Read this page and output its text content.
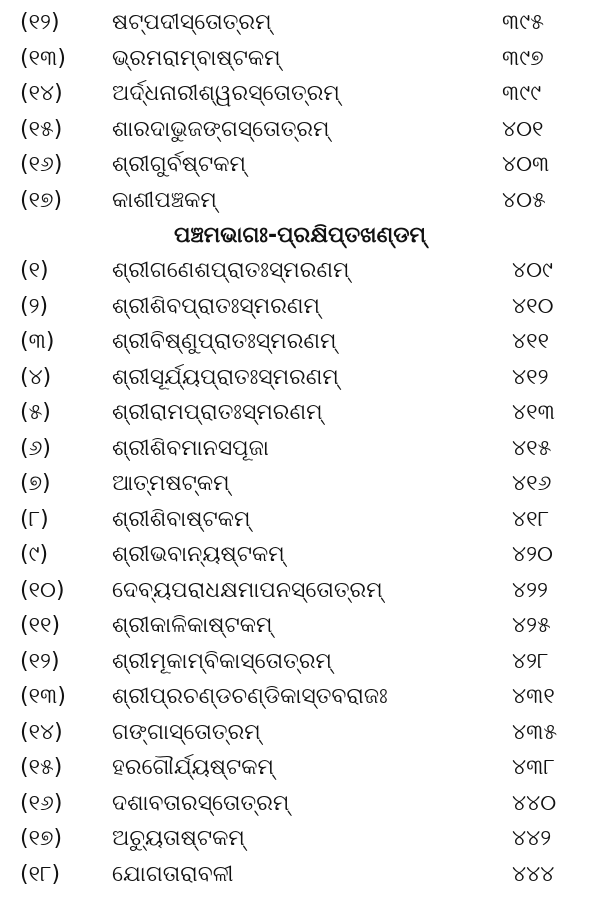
ପଞ୍ଚମଭାଗଃ-ପ୍ରକ୍ଷିପ୍ତଖଣ୍ଡମ୍
(୧୨) ଷଟ୍ପଦୀସ୍ତୋତ୍ରମ୍	୩୯୫
(୧୩) ଭ୍ରମରାମ୍ବାଷ୍ଟକମ୍	୩୯୭
(୧୪) ଅର୍ଦ୍ଧନାରୀଶ୍ୱରସ୍ତୋତ୍ରମ୍	୩୯୯
(୧୫) ଶାରଦାଭୁଜଙ୍ଗସ୍ତୋତ୍ରମ୍	୪୦୧
(୧୬) ଶ୍ରୀଗୁର୍ବଷ୍ଟକମ୍	୪୦୩
(୧୭) କାଶୀପଞ୍ଚକମ୍	୪୦୫
(୧)	ଶ୍ରୀଗଣେଶପ୍ରାତଃସ୍ମରଣମ୍	୪୦୯
(୨)	ଶ୍ରୀଶିବପ୍ରାତଃସ୍ମରଣମ୍	୪୧୦
(୩)	ଶ୍ରୀବିଷ୍ଣୁପ୍ରାତଃସ୍ମରଣମ୍	୪୧୧
(୪)	ଶ୍ରୀସୂର୍ଯ୍ୟପ୍ରାତଃସ୍ମରଣମ୍	୪୧୨
(୫)	ଶ୍ରୀରାମପ୍ରାତଃସ୍ମରଣମ୍	୪୧୩
(୬)	ଶ୍ରୀଶିବମାନସପୂଜା	୪୧୫
(୭)	ଆତ୍ମଷଟ୍କମ୍	୪୧୬
(୮)	ଶ୍ରୀଶିବାଷ୍ଟକମ୍	୪୧୮
(୯)	ଶ୍ରୀଭବାନ୍ୟଷ୍ଟକମ୍	୪୨୦
(୧୦) ଦେବ୍ୟପରାଧକ୍ଷମାପନସ୍ତୋତ୍ରମ୍	୪୨୨
(୧୧) ଶ୍ରୀକାଳିକାଷ୍ଟକମ୍	୪୨୫
(୧୨) ଶ୍ରୀମୂକାମ୍ବିକାସ୍ତୋତ୍ରମ୍	୪୨୮
(୧୩) ଶ୍ରୀପ୍ରଚଣ୍ଡଚଣ୍ଡିକାସ୍ତବରାଜଃ	୪୩୧
(୧୪) ଗଙ୍ଗାସ୍ତୋତ୍ରମ୍	୪୩୫
(୧୫) ହରଗୌର୍ଯ୍ୟଷ୍ଟକମ୍	୪୩୮
(୧୬) ଦଶାବତାରସ୍ତୋତ୍ରମ୍	୪୪୦
(୧୭) ଅଚ୍ୟୁତାଷ୍ଟକମ୍	୪୪୨
(୧୮) ଯୋଗତାରାବଳୀ	୪୪୪
